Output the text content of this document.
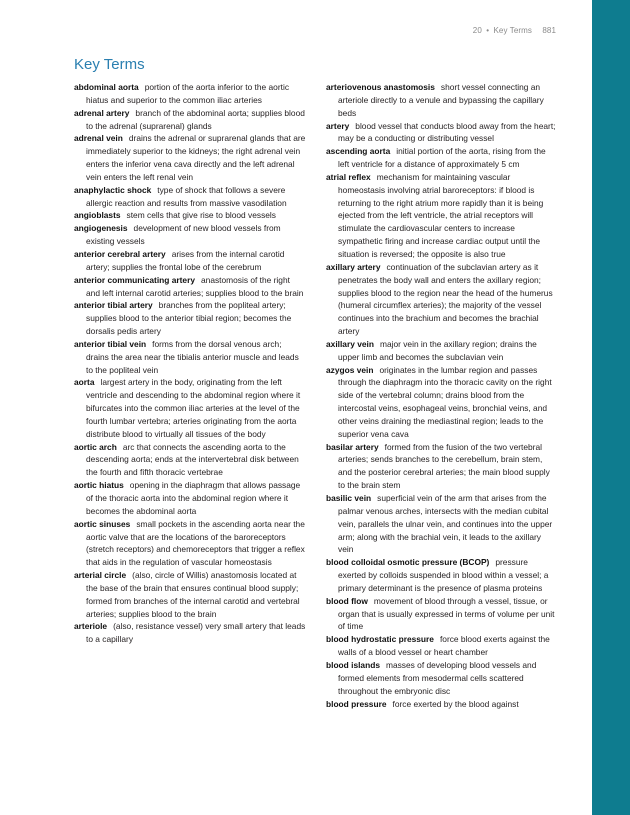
20 • Key Terms 881
Key Terms

abdominal aorta portion of the aorta inferior to the aortic hiatus and superior to the common iliac arteries

adrenal artery branch of the abdominal aorta; supplies blood to the adrenal (suprarenal) glands

adrenal vein drains the adrenal or suprarenal glands that are immediately superior to the kidneys; the right adrenal vein enters the inferior vena cava directly and the left adrenal vein enters the left renal vein

anaphylactic shock type of shock that follows a severe allergic reaction and results from massive vasodilation

angioblasts stem cells that give rise to blood vessels

angiogenesis development of new blood vessels from existing vessels

anterior cerebral artery arises from the internal carotid artery; supplies the frontal lobe of the cerebrum

anterior communicating artery anastomosis of the right and left internal carotid arteries; supplies blood to the brain

anterior tibial artery branches from the popliteal artery; supplies blood to the anterior tibial region; becomes the dorsalis pedis artery

anterior tibial vein forms from the dorsal venous arch; drains the area near the tibialis anterior muscle and leads to the popliteal vein

aorta largest artery in the body, originating from the left ventricle and descending to the abdominal region where it bifurcates into the common iliac arteries at the level of the fourth lumbar vertebra; arteries originating from the aorta distribute blood to virtually all tissues of the body

aortic arch arc that connects the ascending aorta to the descending aorta; ends at the intervertebral disk between the fourth and fifth thoracic vertebrae

aortic hiatus opening in the diaphragm that allows passage of the thoracic aorta into the abdominal region where it becomes the abdominal aorta

aortic sinuses small pockets in the ascending aorta near the aortic valve that are the locations of the baroreceptors (stretch receptors) and chemoreceptors that trigger a reflex that aids in the regulation of vascular homeostasis

arterial circle (also, circle of Willis) anastomosis located at the base of the brain that ensures continual blood supply; formed from branches of the internal carotid and vertebral arteries; supplies blood to the brain

arteriole (also, resistance vessel) very small artery that leads to a capillary

arteriovenous anastomosis short vessel connecting an arteriole directly to a venule and bypassing the capillary beds

artery blood vessel that conducts blood away from the heart; may be a conducting or distributing vessel

ascending aorta initial portion of the aorta, rising from the left ventricle for a distance of approximately 5 cm

atrial reflex mechanism for maintaining vascular homeostasis involving atrial baroreceptors: if blood is returning to the right atrium more rapidly than it is being ejected from the left ventricle, the atrial receptors will stimulate the cardiovascular centers to increase sympathetic firing and increase cardiac output until the situation is reversed; the opposite is also true

axillary artery continuation of the subclavian artery as it penetrates the body wall and enters the axillary region; supplies blood to the region near the head of the humerus (humeral circumflex arteries); the majority of the vessel continues into the brachium and becomes the brachial artery

axillary vein major vein in the axillary region; drains the upper limb and becomes the subclavian vein

azygos vein originates in the lumbar region and passes through the diaphragm into the thoracic cavity on the right side of the vertebral column; drains blood from the intercostal veins, esophageal veins, bronchial veins, and other veins draining the mediastinal region; leads to the superior vena cava

basilar artery formed from the fusion of the two vertebral arteries; sends branches to the cerebellum, brain stem, and the posterior cerebral arteries; the main blood supply to the brain stem

basilic vein superficial vein of the arm that arises from the palmar venous arches, intersects with the median cubital vein, parallels the ulnar vein, and continues into the upper arm; along with the brachial vein, it leads to the axillary vein

blood colloidal osmotic pressure (BCOP) pressure exerted by colloids suspended in blood within a vessel; a primary determinant is the presence of plasma proteins

blood flow movement of blood through a vessel, tissue, or organ that is usually expressed in terms of volume per unit of time

blood hydrostatic pressure force blood exerts against the walls of a blood vessel or heart chamber

blood islands masses of developing blood vessels and formed elements from mesodermal cells scattered throughout the embryonic disc

blood pressure force exerted by the blood against
